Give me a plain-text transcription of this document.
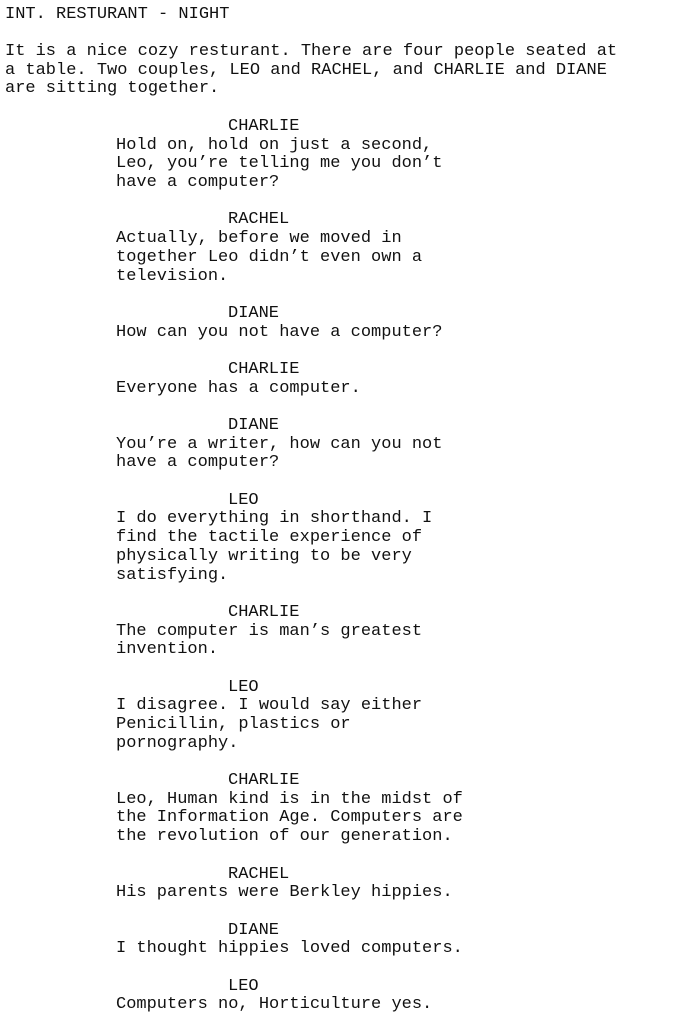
INT. RESTURANT - NIGHT
It is a nice cozy resturant. There are four people seated at
a table. Two couples, LEO and RACHEL, and CHARLIE and DIANE
are sitting together.
CHARLIE
Hold on, hold on just a second,
Leo, you’re telling me you don’t
have a computer?
RACHEL
Actually, before we moved in
together Leo didn’t even own a
television.
DIANE
How can you not have a computer?
CHARLIE
Everyone has a computer.
DIANE
You’re a writer, how can you not
have a computer?
LEO
I do everything in shorthand. I
find the tactile experience of
physically writing to be very
satisfying.
CHARLIE
The computer is man’s greatest
invention.
LEO
I disagree. I would say either
Penicillin, plastics or
pornography.
CHARLIE
Leo, Human kind is in the midst of
the Information Age. Computers are
the revolution of our generation.
RACHEL
His parents were Berkley hippies.
DIANE
I thought hippies loved computers.
LEO
Computers no, Horticulture yes.
